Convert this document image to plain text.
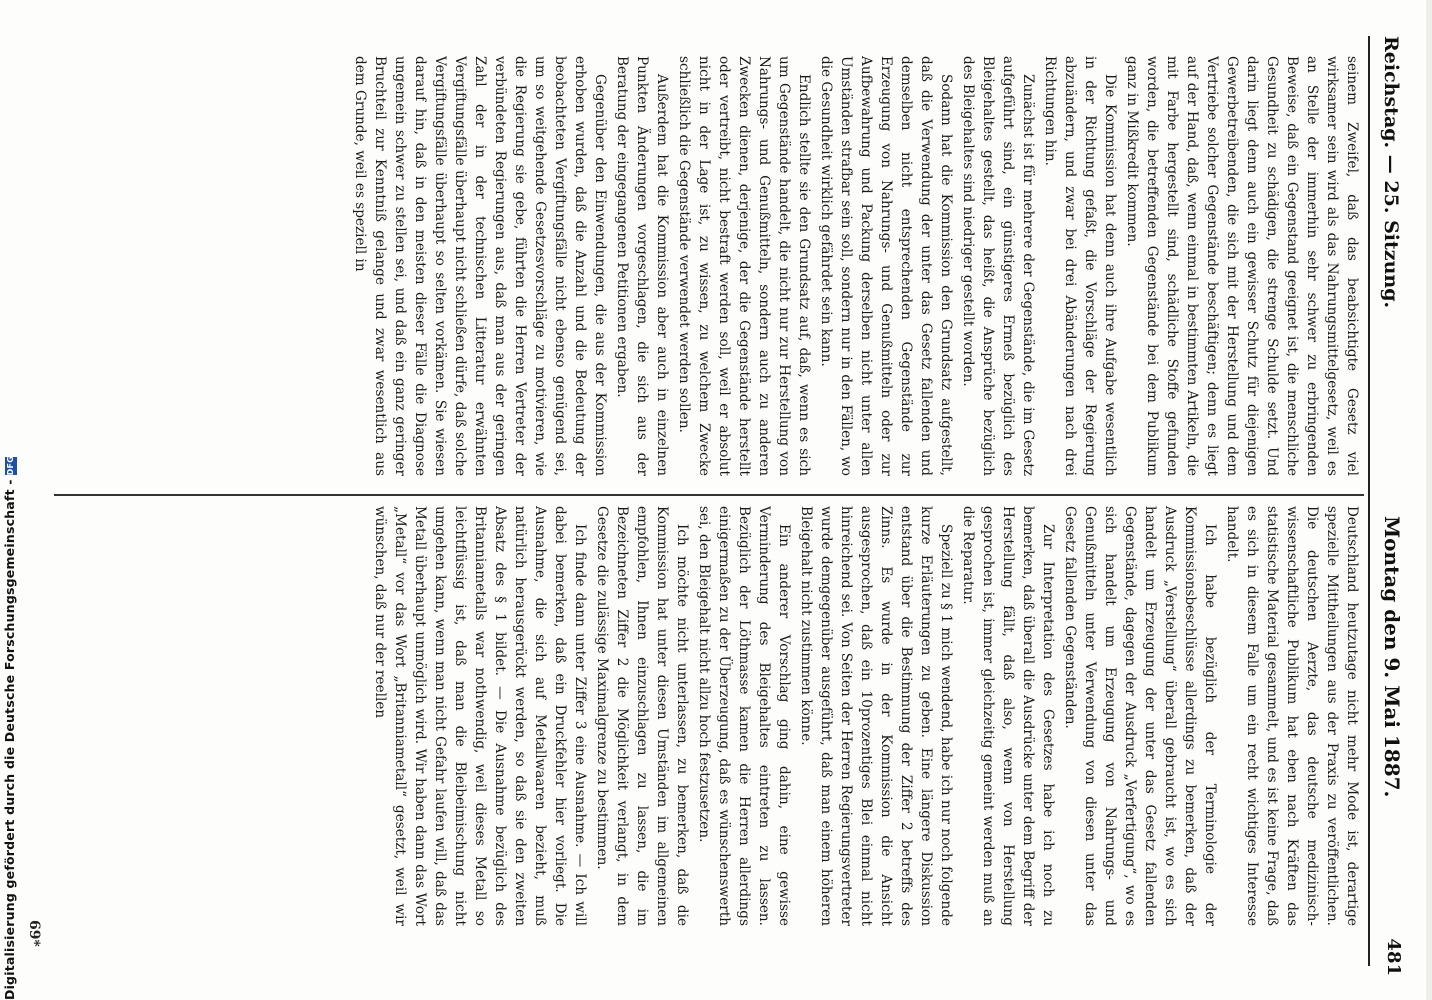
Reichstag. — 25. Sitzung.
Montag den 9. Mai 1887.
481

seinem Zweifel, daß das beabsichtigte Gesetz viel wirksamer sein wird als das Nahrungsmittelgesetz, weil es an Stelle der immerhin sehr schwer zu erbringenden Beweise, daß ein Gegenstand geeignet ist, die menschliche Gesundheit zu schädigen, die strenge Schulde setzt. Und darin liegt denn auch ein gewisser Schutz für diejenigen Gewerbetreibenden, die sich mit der Herstellung und dem Vertriebe solcher Gegenstände beschäftigen; denn es liegt auf der Hand, daß, wenn einmal in bestimmten Artikeln, die mit Farbe hergestellt sind, schädliche Stoffe gefunden worden, die betreffenden Gegenstände bei dem Publikum ganz in Mißkredit kommen.

Die Kommission hat denn auch ihre Aufgabe wesentlich in der Richtung gefaßt, die Vorschläge der Regierung abzuändern, und zwar bei drei Abänderungen nach drei Richtungen hin.

Zunächst ist für mehrere der Gegenstände, die im Gesetz aufgeführt sind, ein günstigeres Ermeß bezüglich des Bleigehaltes gestellt, das heißt, die Ansprüche bezüglich des Bleigehaltes sind niedriger gestellt worden.

Sodann hat die Kommission den Grundsatz aufgestellt, daß die Verwendung der unter das Gesetz fallenden und demselben nicht entsprechenden Gegenstände zur Erzeugung von Nahrungs- und Genußmitteln oder zur Aufbewahrung und Packung derselben nicht unter allen Umständen strafbar sein soll, sondern nur in den Fällen, wo die Gesundheit wirklich gefährdet sein kann.

Endlich stellte sie den Grundsatz auf, daß, wenn es sich um Gegenstände handelt, die nicht nur zur Herstellung von Nahrungs- und Genußmitteln, sondern auch zu anderen Zwecken dienen, derjenige, der die Gegenstände herstellt oder vertreibt, nicht bestraft werden soll, weil er absolut nicht in der Lage ist, zu wissen, zu welchem Zwecke schließlich die Gegenstände verwendet werden sollen.

Außerdem hat die Kommission aber auch in einzelnen Punkten Änderungen vorgeschlagen, die sich aus der Beratung der eingegangenen Petitionen ergaben.

Gegenüber den Einwendungen, die aus der Kommission erhoben wurden, daß die Anzahl und die Bedeutung der beobachteten Vergiftungsfälle nicht ebenso genügend sei, um so weitgehende Gesetzesvorschläge zu motivieren, wie die Regierung sie gebe, führten die Herren Vertreter der verbündeten Regierungen aus, daß man aus der geringen Zahl der in der technischen Litteratur erwähnten Vergiftungsfälle überhaupt nicht schließen dürfe, daß solche Vergiftungsfälle überhaupt so selten vorkämen. Sie wiesen darauf hin, daß in den meisten dieser Fälle die Diagnose ungemein schwer zu stellen sei, und daß ein ganz geringer Bruchteil zur Kenntniß gelange und zwar wesentlich aus dem Grunde, weil es speziell in

Deutschland heutzutage nicht mehr Mode ist, derartige spezielle Mittheilungen aus der Praxis zu veröffentlichen. Die deutschen Aerzte, das deutsche medizinisch-wissenschaftliche Publikum hat eben nach Kräften das statistische Material gesammelt, und es ist keine Frage, daß es sich in diesem Falle um ein recht wichtiges Interesse handelt.

Ich habe bezüglich der Terminologie der Kommissionsbeschlüsse allerdings zu bemerken, daß der Ausdruck „Verstellung“ überall gebraucht ist, wo es sich handelt um Erzeugung der unter das Gesetz fallenden Gegenstände, dagegen der Ausdruck „Verfertigung“, wo es sich handelt um Erzeugung von Nahrungs- und Genußmitteln unter Verwendung von diesen unter das Gesetz fallenden Gegenständen.

Zur Interpretation des Gesetzes habe ich noch zu bemerken, daß überall die Ausdrücke unter dem Begriff der Herstellung fällt, daß also, wenn von Herstellung gesprochen ist, immer gleichzeitig gemeint werden muß an die Reparatur.

Speziell zu § 1 mich wendend, habe ich nur noch folgende kurze Erläuterungen zu geben. Eine längere Diskussion entstand über die Bestimmung der Ziffer 2 betreffs des Zinns. Es wurde in der Kommission die Ansicht ausgesprochen, daß ein 10prozentiges Blei einmal nicht hinreichend sei. Von Seiten der Herren Regierungsvertreter wurde demgegenüber ausgeführt, daß man einem höheren Bleigehalt nicht zustimmen könne.

Ein anderer Vorschlag ging dahin, eine gewisse Verminderung des Bleigehaltes eintreten zu lassen. Bezüglich der Löthmasse kamen die Herren allerdings einigermaßen zu der Überzeugung, daß es wünschenswerth sei, den Bleigehalt nicht allzu hoch festzusetzen.

Ich möchte nicht unterlassen, zu bemerken, daß die Kommission hat unter diesen Umständen im allgemeinen empfohlen, Ihnen einzuschlagen zu lassen, die im Bezeichneten Ziffer 2 die Möglichkeit verlangt, in dem Gesetze die zulässige Maximalgrenze zu bestimmen.

Ich finde dann unter Ziffer 3 eine Ausnahme. — Ich will dabei bemerken, daß ein Druckfehler hier vorliegt. Die Ausnahme, die sich auf Metallwaaren bezieht, muß natürlich herausgerückt werden, so daß sie den zweiten Absatz des § 1 bildet. — Die Ausnahme bezüglich des Britanniametalls war nothwendig, weil dieses Metall so leichtflüssig ist, daß man die Bleibeimischung nicht umgehen kann, wenn man nicht Gefahr laufen will, daß das Metall überhaupt unmöglich wird. Wir haben dann das Wort „Metall“ vor das Wort „Britanniametall“ gesetzt, weil wir wünschen, daß nur der reellen

69*
Digitalisierung gefördert durch die Deutsche Forschungsgemeinschaft -DFG
